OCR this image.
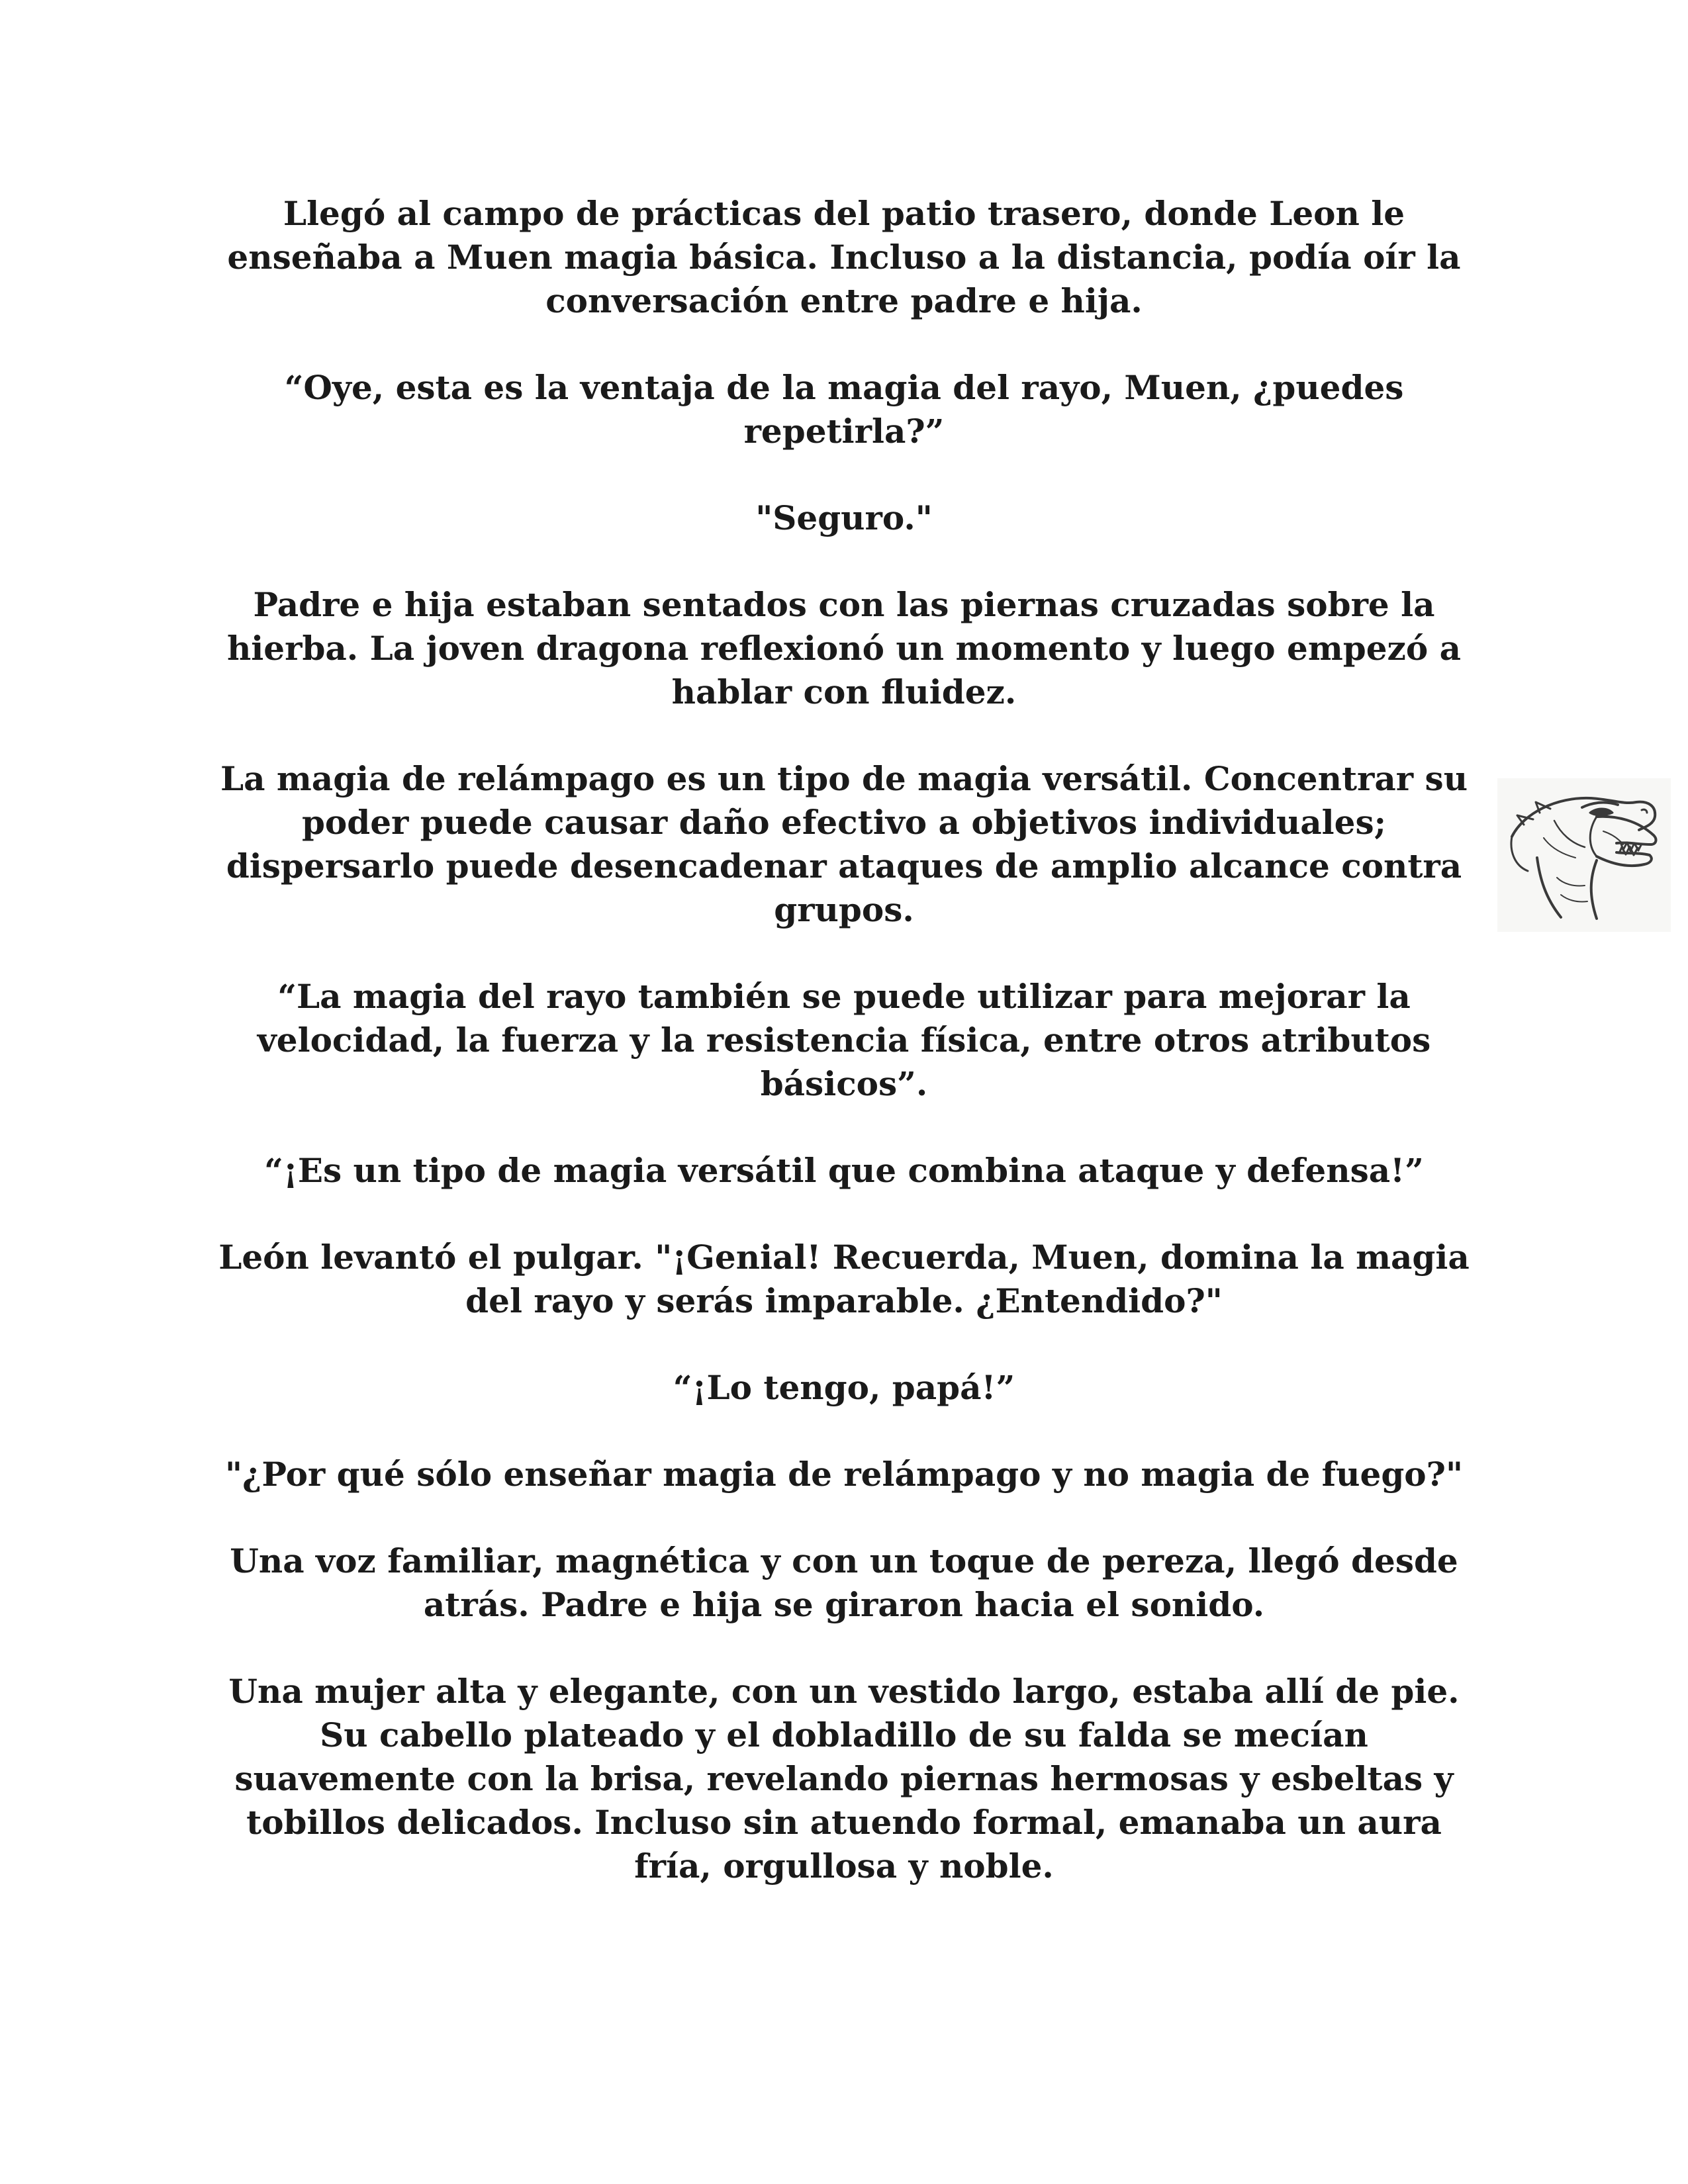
Llegó al campo de prácticas del patio trasero, donde Leon le enseñaba a Muen magia básica. Incluso a la distancia, podía oír la conversación entre padre e hija.

“Oye, esta es la ventaja de la magia del rayo, Muen, ¿puedes repetirla?”

"Seguro."

Padre e hija estaban sentados con las piernas cruzadas sobre la hierba. La joven dragona reflexionó un momento y luego empezó a hablar con fluidez.

La magia de relámpago es un tipo de magia versátil. Concentrar su poder puede causar daño efectivo a objetivos individuales; dispersarlo puede desencadenar ataques de amplio alcance contra grupos.

“La magia del rayo también se puede utilizar para mejorar la velocidad, la fuerza y la resistencia física, entre otros atributos básicos”.

“¡Es un tipo de magia versátil que combina ataque y defensa!”

León levantó el pulgar. "¡Genial! Recuerda, Muen, domina la magia del rayo y serás imparable. ¿Entendido?"

“¡Lo tengo, papá!”

"¿Por qué sólo enseñar magia de relámpago y no magia de fuego?"

Una voz familiar, magnética y con un toque de pereza, llegó desde atrás. Padre e hija se giraron hacia el sonido.

Una mujer alta y elegante, con un vestido largo, estaba allí de pie. Su cabello plateado y el dobladillo de su falda se mecían suavemente con la brisa, revelando piernas hermosas y esbeltas y tobillos delicados. Incluso sin atuendo formal, emanaba un aura fría, orgullosa y noble.
